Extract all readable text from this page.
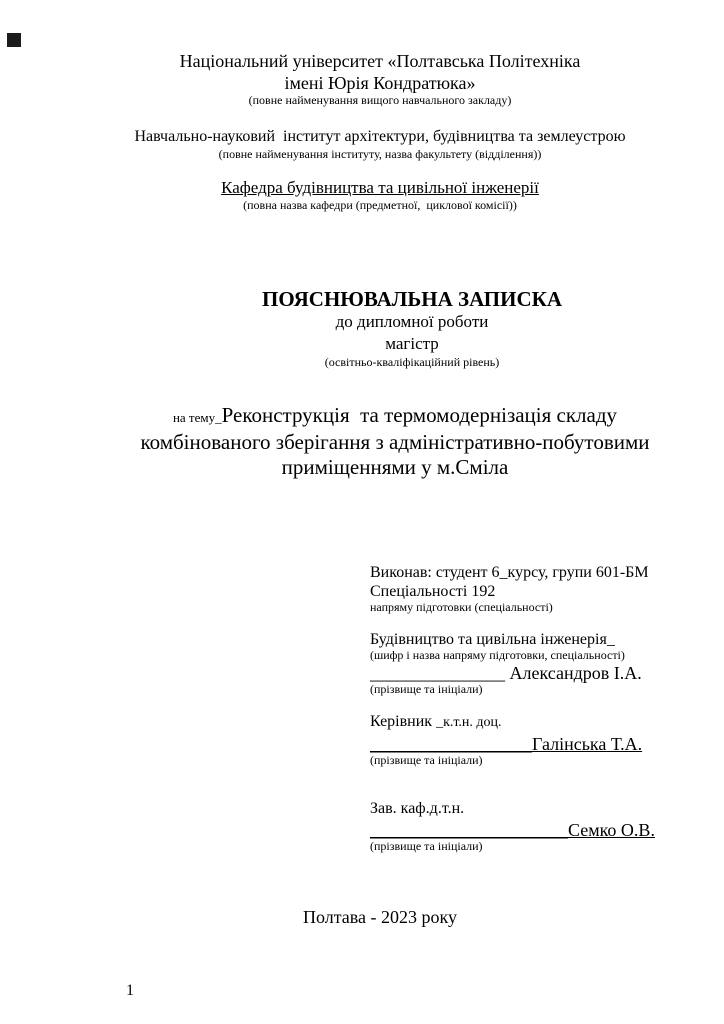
Національний університет «Полтавська Політехніка
імені Юрія Кондратюка»
(повне найменування вищого навчального закладу)
Навчально-науковий  інститут архітектури, будівництва та землеустрою
(повне найменування інституту, назва факультету (відділення))
Кафедра будівництва та цивільної інженерії
(повна назва кафедри (предметної,  циклової комісії))
ПОЯСНЮВАЛЬНА ЗАПИСКА
до дипломної роботи
магістр
(освітньо-кваліфікаційний рівень)
на тему_Реконструкція  та термомодернізація складу
комбінованого зберігання з адміністративно-побутовими
приміщеннями у м.Сміла
Виконав: студент 6_курсу, групи 601-БМ
Спеціальності 192
напряму підготовки (спеціальності)
Будівництво та цивільна інженерія_
(шифр і назва напряму підготовки, спеціальності)
_______________ Александров І.А.
(прізвище та ініціали)
Керівник _к.т.н. доц.
__________________Галінська Т.А.
(прізвище та ініціали)
Зав. каф.д.т.н.
______________________Семко О.В.
(прізвище та ініціали)
Полтава - 2023 року
1
